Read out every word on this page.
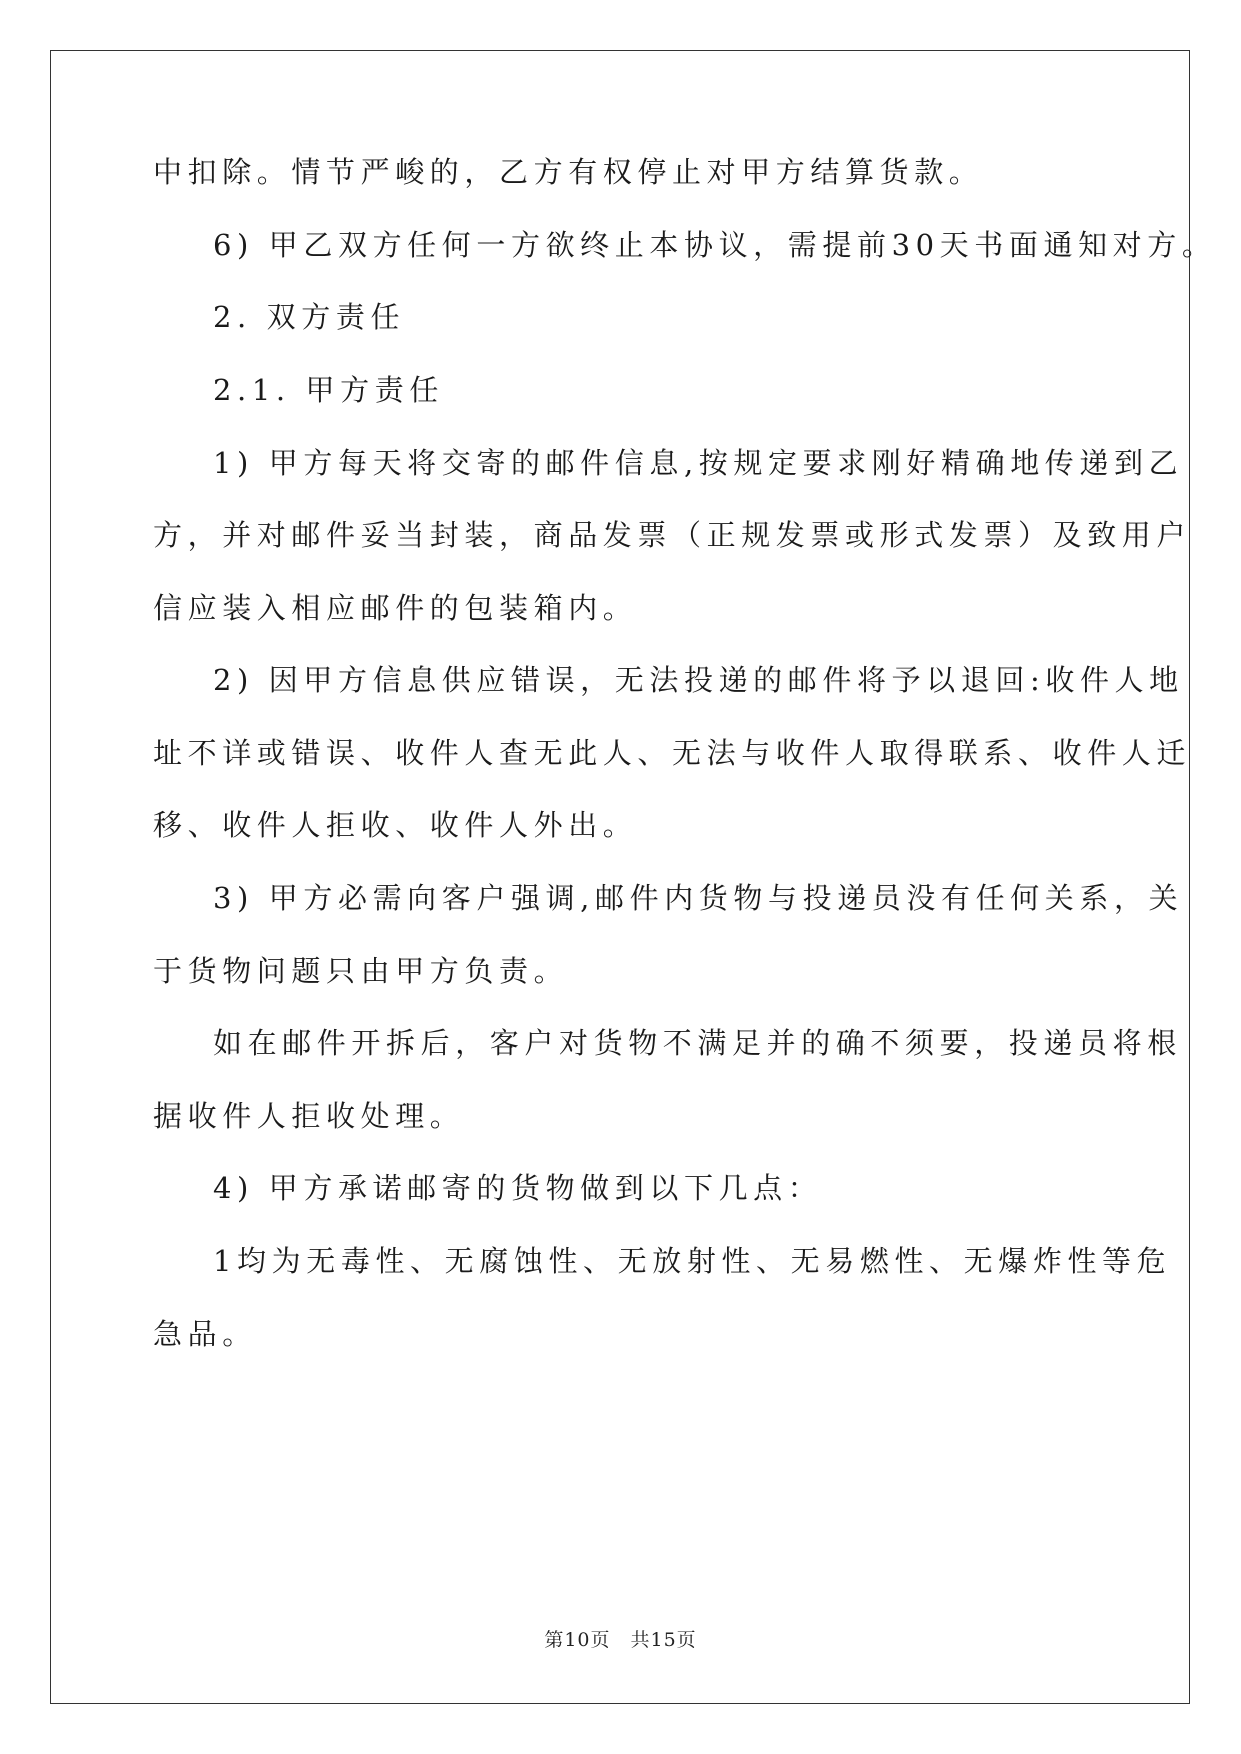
中扣除。情节严峻的，乙方有权停止对甲方结算货款。
6) 甲乙双方任何一方欲终止本协议，需提前30天书面通知对方。
2. 双方责任
2.1. 甲方责任
1) 甲方每天将交寄的邮件信息,按规定要求刚好精确地传递到乙
方，并对邮件妥当封装，商品发票（正规发票或形式发票）及致用户
信应装入相应邮件的包装箱内。
2) 因甲方信息供应错误，无法投递的邮件将予以退回:收件人地
址不详或错误、收件人查无此人、无法与收件人取得联系、收件人迁
移、收件人拒收、收件人外出。
3) 甲方必需向客户强调,邮件内货物与投递员没有任何关系，关
于货物问题只由甲方负责。
如在邮件开拆后，客户对货物不满足并的确不须要，投递员将根
据收件人拒收处理。
4) 甲方承诺邮寄的货物做到以下几点：
1均为无毒性、无腐蚀性、无放射性、无易燃性、无爆炸性等危
急品。
第10页　共15页
